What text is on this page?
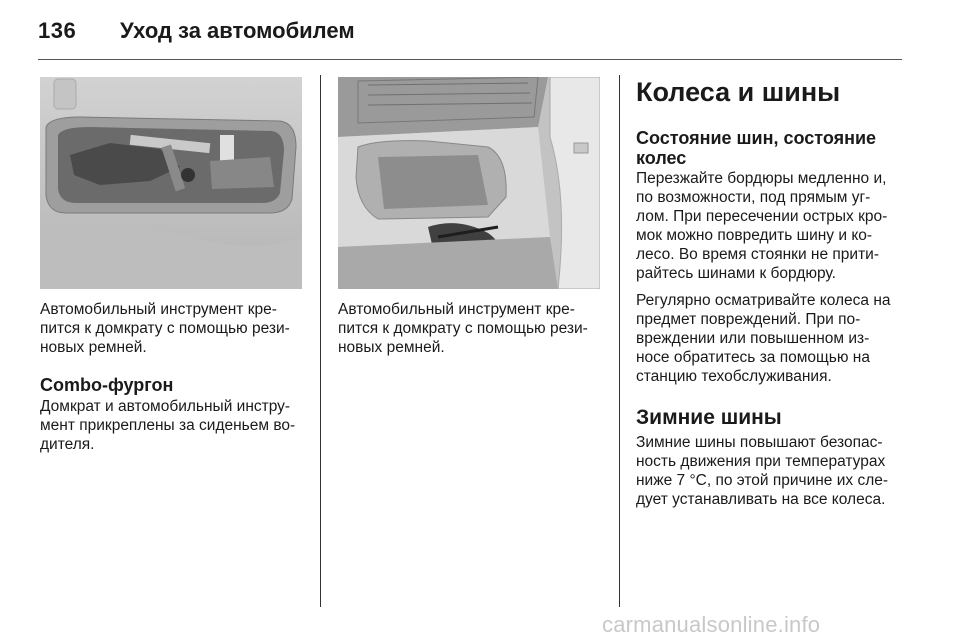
136 Уход за автомобилем

Автомобильный инструмент кре-
пится к домкрату с помощью рези-
новых ремней.

Combo-фургон

Домкрат и автомобильный инстру-
мент прикреплены за сиденьем во-
дителя.

Автомобильный инструмент кре-
пится к домкрату с помощью рези-
новых ремней.

Колеса и шины

Состояние шин, состояние
колес

Перезжайте бордюры медленно и,
по возможности, под прямым уг-
лом. При пересечении острых кро-
мок можно повредить шину и ко-
лесо. Во время стоянки не прити-
райтесь шинами к бордюру.

Регулярно осматривайте колеса на
предмет повреждений. При по-
вреждении или повышенном из-
носе обратитесь за помощью на
станцию техобслуживания.

Зимние шины

Зимние шины повышают безопас-
ность движения при температурах
ниже 7 °C, по этой причине их сле-
дует устанавливать на все колеса.

carmanualsonline.info
